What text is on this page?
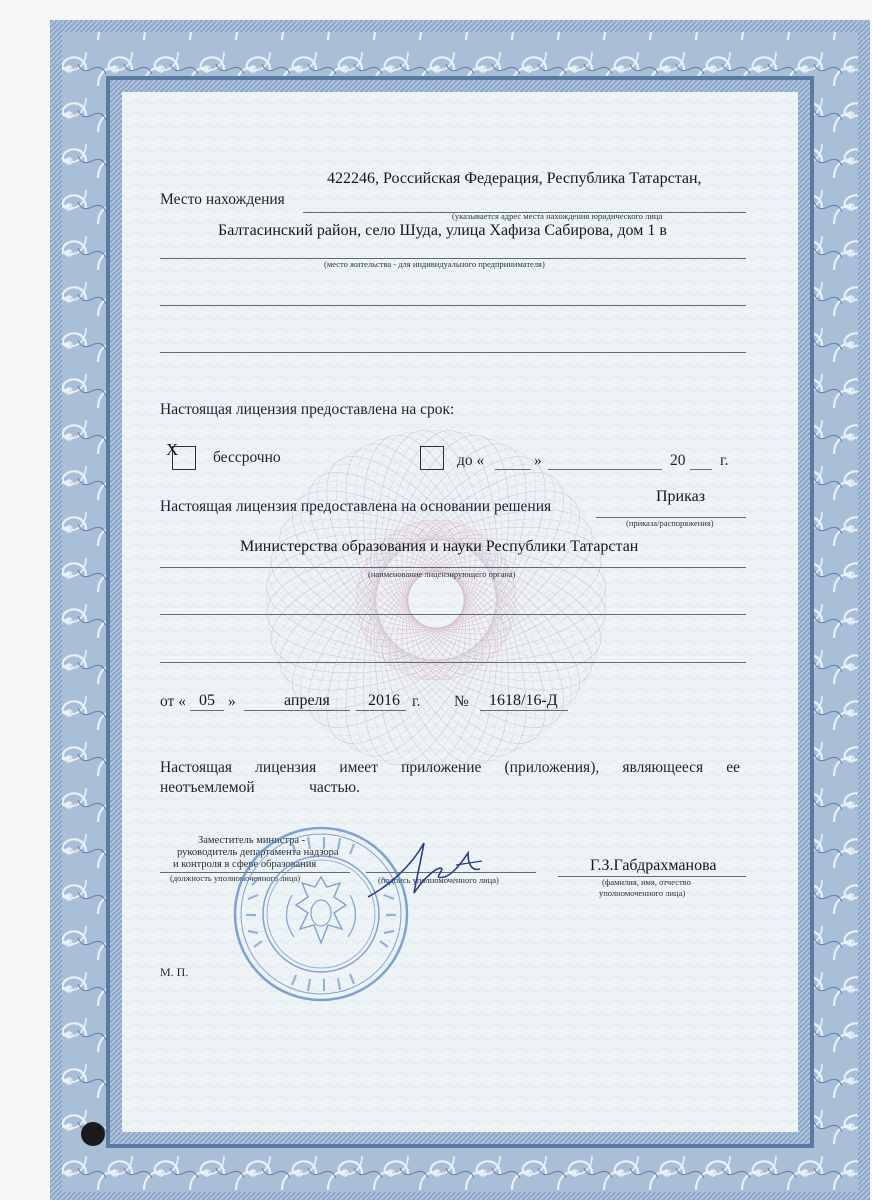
422246, Российская Федерация, Республика Татарстан,
Место нахождения
(указывается адрес места нахождения юридического лица
Балтасинский район, село Шуда, улица Хафиза Сабирова, дом 1 в
(место жительства - для индивидуального предпринимателя)
Настоящая лицензия предоставлена на срок:
X бессрочно	до «	»	20 г.
Приказ
Настоящая лицензия предоставлена на основании решения
(приказа/распоряжения)
Министерства образования и науки Республики Татарстан
(наименование лицензирующего органа)
от « 05 »	апреля 2016 г. № 1618/16-Д
Настоящая лицензия имеет приложение (приложения), являющееся ее
неотъемлемой	частью.
Заместитель министра -
руководитель департамента надзора
и контроля в сфере образования
(должность уполномоченного лица)	(подпись уполномоченного лица)
Г.З.Габдрахманова
(фамилия, имя, отчество
уполномоченного лица)
М. П.
